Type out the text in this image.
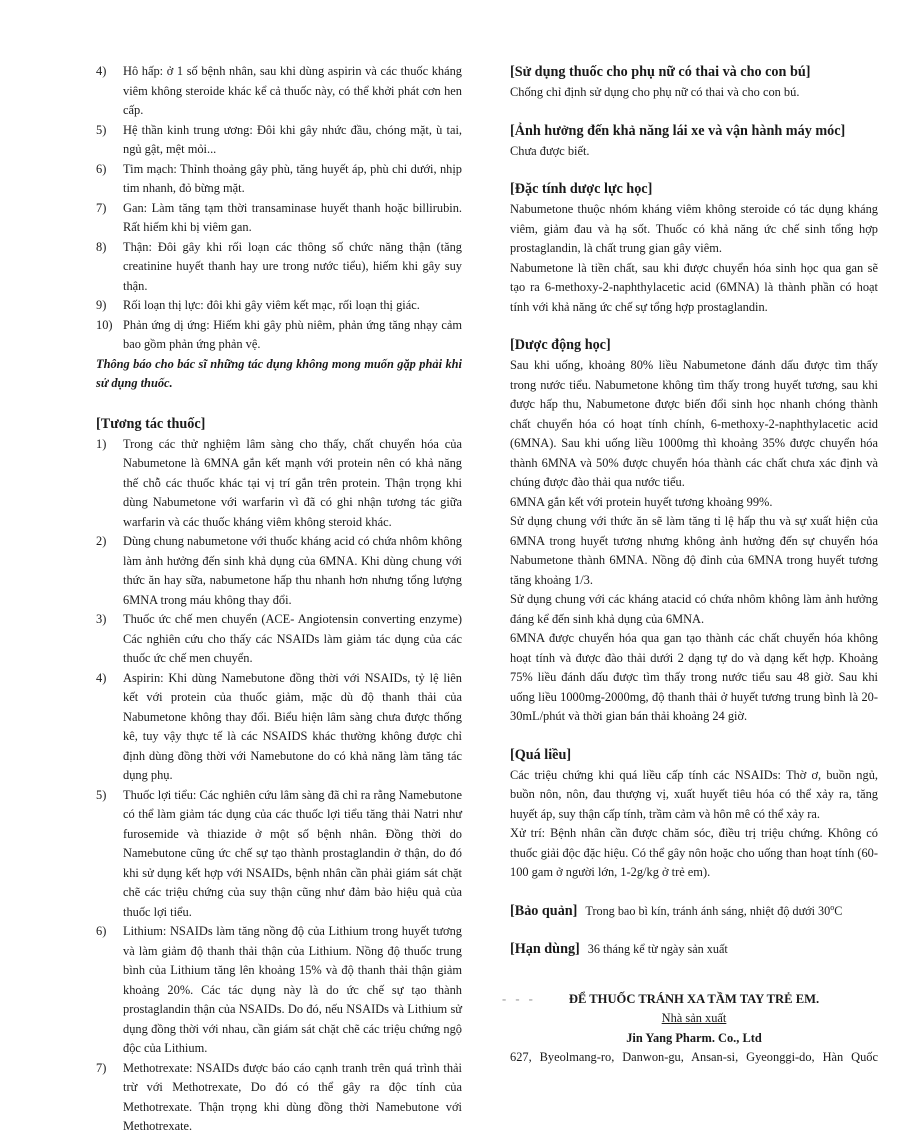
4)	Hô hấp: ở 1 số bệnh nhân, sau khi dùng aspirin và các thuốc kháng viêm không steroide khác kể cả thuốc này, có thể khởi phát cơn hen cấp.
5)	Hệ thần kinh trung ương: Đôi khi gây nhức đầu, chóng mặt, ù tai, ngủ gật, mệt mỏi...
6)	Tim mạch: Thỉnh thoảng gây phù, tăng huyết áp, phù chi dưới, nhịp tim nhanh, đỏ bừng mặt.
7)	Gan: Làm tăng tạm thời transaminase huyết thanh hoặc billirubin. Rất hiếm khi bị viêm gan.
8)	Thận: Đôi gây khi rối loạn các thông số chức năng thận (tăng creatinine huyết thanh hay ure trong nước tiểu), hiếm khi gây suy thận.
9)	Rối loạn thị lực: đôi khi gây viêm kết mạc, rối loạn thị giác.
10) Phản ứng dị ứng: Hiếm khi gây phù niêm, phản ứng tăng nhạy cảm bao gồm phản ứng phản vệ.

Thông báo cho bác sĩ những tác dụng không mong muốn gặp phải khi sử dụng thuốc.

[Tương tác thuốc]
1)	Trong các thử nghiệm lâm sàng cho thấy, chất chuyển hóa của Nabumetone là 6MNA gắn kết mạnh với protein nên có khả năng thế chỗ các thuốc khác tại vị trí gắn trên protein. Thận trọng khi dùng Nabumetone với warfarin vì đã có ghi nhận tương tác giữa warfarin và các thuốc kháng viêm không steroid khác.
2)	Dùng chung nabumetone với thuốc kháng acid có chứa nhôm không làm ảnh hưởng đến sinh khả dụng của 6MNA. Khi dùng chung với thức ăn hay sữa, nabumetone hấp thu nhanh hơn nhưng tổng lượng 6MNA trong máu không thay đổi.
3)	Thuốc ức chế men chuyển (ACE- Angiotensin converting enzyme) Các nghiên cứu cho thấy các NSAIDs làm giảm tác dụng của các thuốc ức chế men chuyển.
4)	Aspirin: Khi dùng Namebutone đồng thời với NSAIDs, tỷ lệ liên kết với protein của thuốc giảm, mặc dù độ thanh thải của Nabumetone không thay đổi. Biểu hiện lâm sàng chưa được thống kê, tuy vậy thực tế là các NSAIDS khác thường không được chỉ định dùng đồng thời với Namebutone do có khả năng làm tăng tác dụng phụ.
5)	Thuốc lợi tiểu: Các nghiên cứu lâm sàng đã chỉ ra rằng Namebutone có thể làm giảm tác dụng của các thuốc lợi tiểu tăng thải Natri như furosemide và thiazide ở một số bệnh nhân. Đồng thời do Namebutone cũng ức chế sự tạo thành prostaglandin ở thận, do đó khi sử dụng kết hợp với NSAIDs, bệnh nhân cần phải giám sát chặt chẽ các triệu chứng của suy thận cũng như đảm bảo hiệu quả của thuốc lợi tiểu.
6)	Lithium: NSAIDs làm tăng nồng độ của Lithium trong huyết tương và làm giảm độ thanh thải thận của Lithium. Nồng độ thuốc trung bình của Lithium tăng lên khoảng 15% và độ thanh thải thận giảm khoảng 20%. Các tác dụng này là do ức chế sự tạo thành prostaglandin thận của NSAIDs. Do đó, nếu NSAIDs và Lithium sử dụng đồng thời với nhau, cần giám sát chặt chẽ các triệu chứng ngộ độc của Lithium.
7)	Methotrexate: NSAIDs được báo cáo cạnh tranh trên quá trình thải trừ với Methotrexate, Do đó có thể gây ra độc tính của Methotrexate. Thận trọng khi dùng đồng thời Namebutone với Methotrexate.
[Sử dụng thuốc cho phụ nữ có thai và cho con bú]

Chống chỉ định sử dụng cho phụ nữ có thai và cho con bú.

[Ảnh hưởng đến khả năng lái xe và vận hành máy móc]

Chưa được biết.

[Đặc tính dược lực học]

Nabumetone thuộc nhóm kháng viêm không steroide có tác dụng kháng viêm, giảm đau và hạ sốt. Thuốc có khả năng ức chế sinh tổng hợp prostaglandin, là chất trung gian gây viêm.

Nabumetone là tiền chất, sau khi được chuyển hóa sinh học qua gan sẽ tạo ra 6-methoxy-2-naphthylacetic acid (6MNA) là thành phần có hoạt tính với khả năng ức chế sự tổng hợp prostaglandin.

[Dược động học]

Sau khi uống, khoảng 80% liều Nabumetone đánh dấu được tìm thấy trong nước tiểu. Nabumetone không tìm thấy trong huyết tương, sau khi được hấp thu, Nabumetone được biến đổi sinh học nhanh chóng thành chất chuyển hóa có hoạt tính chính, 6-methoxy-2-naphthylacetic acid (6MNA). Sau khi uống liều 1000mg thì khoảng 35% được chuyển hóa thành 6MNA và 50% được chuyển hóa thành các chất chưa xác định và chúng được đào thải qua nước tiểu.

6MNA gắn kết với protein huyết tương khoảng 99%.

Sử dụng chung với thức ăn sẽ làm tăng tỉ lệ hấp thu và sự xuất hiện của 6MNA trong huyết tương nhưng không ảnh hưởng đến sự chuyển hóa Nabumetone thành 6MNA. Nồng độ đỉnh của 6MNA trong huyết tương tăng khoảng 1/3.

Sử dụng chung với các kháng atacid có chứa nhôm không làm ảnh hưởng đáng kể đến sinh khả dụng của 6MNA.

6MNA được chuyển hóa qua gan tạo thành các chất chuyển hóa không hoạt tính và được đào thải dưới 2 dạng tự do và dạng kết hợp. Khoảng 75% liều đánh dấu được tìm thấy trong nước tiểu sau 48 giờ. Sau khi uống liều 1000mg-2000mg, độ thanh thải ở huyết tương trung bình là 20-30mL/phút và thời gian bán thải khoảng 24 giờ.

[Quá liều]

Các triệu chứng khi quá liều cấp tính các NSAIDs: Thờ ơ, buồn ngủ, buồn nôn, nôn, đau thượng vị, xuất huyết tiêu hóa có thể xảy ra, tăng huyết áp, suy thận cấp tính, trầm cảm và hôn mê có thể xảy ra.

Xử trí: Bệnh nhân cần được chăm sóc, điều trị triệu chứng. Không có thuốc giải độc đặc hiệu. Có thể gây nôn hoặc cho uống than hoạt tính (60-100 gam ở người lớn, 1-2g/kg ở trẻ em).

[Bảo quản] Trong bao bì kín, tránh ánh sáng, nhiệt độ dưới 30$^o$C
[Hạn dùng] 36 tháng kể từ ngày sản xuất
- - -	ĐỂ THUỐC TRÁNH XA TẦM TAY TRẺ EM.
Nhà sản xuất
Jin Yang Pharm. Co., Ltd
627, Byeolmang-ro, Danwon-gu, Ansan-si, Gyeonggi-do, Hàn Quốc
